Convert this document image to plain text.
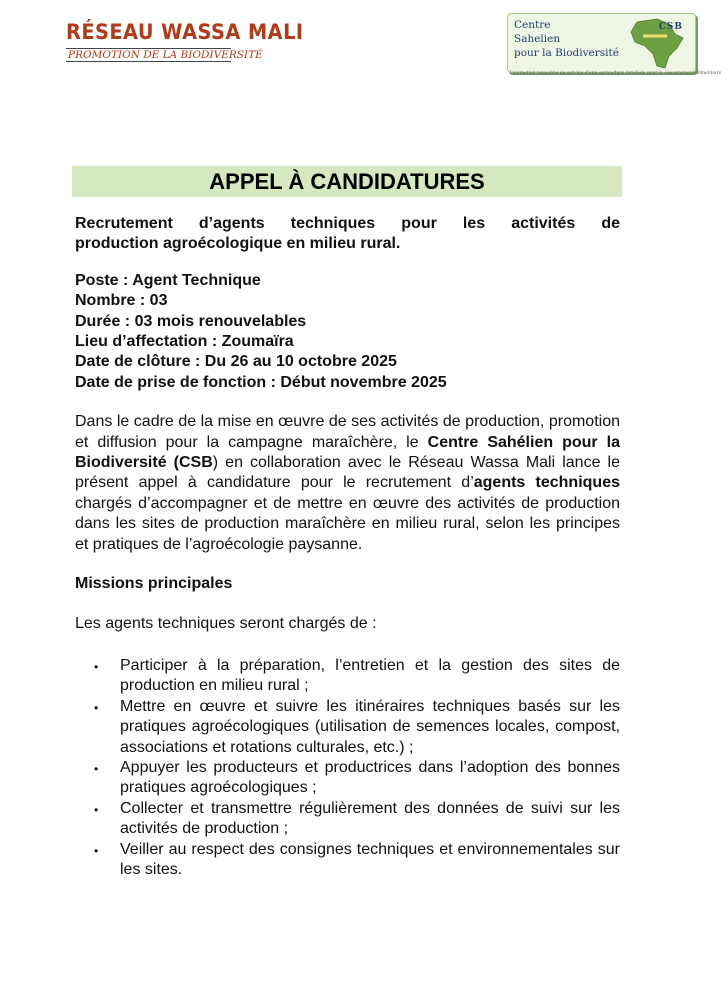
RÉSEAU WASSA MALI
PROMOTION DE LA BIODIVERSITÉ
CSB
Centre
Sahelien
pour la Biodiversité
l'animation paysanne au service d'une agriculture familiale pour la souveraineté alimentaire
APPEL À CANDIDATURES
Recrutement d’agents techniques pour les activités de
production agroécologique en milieu rural.
Poste : Agent Technique
Nombre : 03
Durée : 03 mois renouvelables
Lieu d’affectation : Zoumaïra
Date de clôture : Du 26 au 10 octobre 2025
Date de prise de fonction : Début novembre 2025
Dans le cadre de la mise en œuvre de ses activités de production, promotion et diffusion pour la campagne maraîchère, le Centre Sahélien pour la Biodiversité (CSB) en collaboration avec le Réseau Wassa Mali lance le présent appel à candidature pour le recrutement d’agents techniques chargés d’accompagner et de mettre en œuvre des activités de production dans les sites de production maraîchère en milieu rural, selon les principes et pratiques de l’agroécologie paysanne.
Missions principales
Les agents techniques seront chargés de :
• Participer à la préparation, l’entretien et la gestion des sites de production en milieu rural ;
• Mettre en œuvre et suivre les itinéraires techniques basés sur les pratiques agroécologiques (utilisation de semences locales, compost, associations et rotations culturales, etc.) ;
• Appuyer les producteurs et productrices dans l’adoption des bonnes pratiques agroécologiques ;
• Collecter et transmettre régulièrement des données de suivi sur les activités de production ;
• Veiller au respect des consignes techniques et environnementales sur les sites.
